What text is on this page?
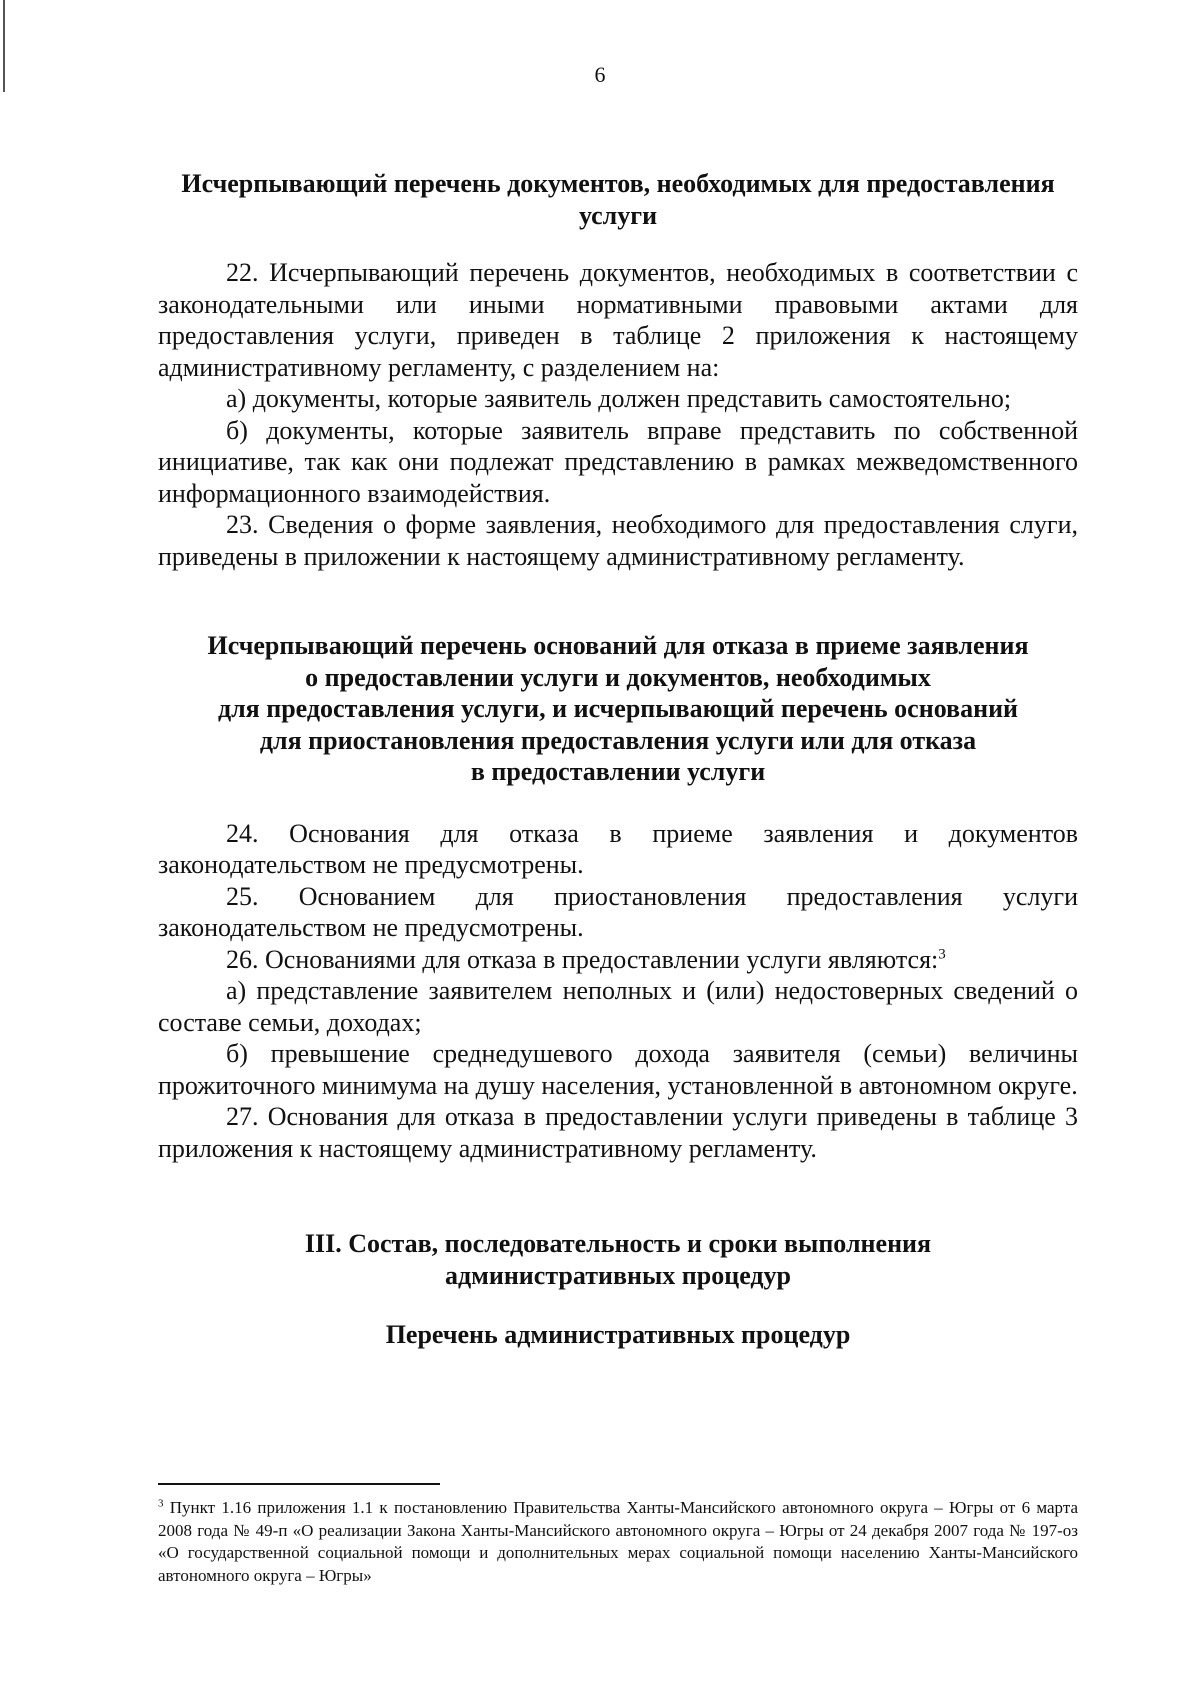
6

Исчерпывающий перечень документов, необходимых для предоставления услуги

22. Исчерпывающий перечень документов, необходимых в соответствии с законодательными или иными нормативными правовыми актами для предоставления услуги, приведен в таблице 2 приложения к настоящему административному регламенту, с разделением на:

а) документы, которые заявитель должен представить самостоятельно;

б) документы, которые заявитель вправе представить по собственной инициативе, так как они подлежат представлению в рамках межведомственного информационного взаимодействия.

23. Сведения о форме заявления, необходимого для предоставления слуги, приведены в приложении к настоящему административному регламенту.

Исчерпывающий перечень оснований для отказа в приеме заявления
о предоставлении услуги и документов, необходимых
для предоставления услуги, и исчерпывающий перечень оснований
для приостановления предоставления услуги или для отказа
в предоставлении услуги

24. Основания для отказа в приеме заявления и документов законодательством не предусмотрены.

25. Основанием для приостановления предоставления услуги законодательством не предусмотрены.

26. Основаниями для отказа в предоставлении услуги являются:$^3$

а) представление заявителем неполных и (или) недостоверных сведений о составе семьи, доходах;

б) превышение среднедушевого дохода заявителя (семьи) величины прожиточного минимума на душу населения, установленной в автономном округе.

27. Основания для отказа в предоставлении услуги приведены в таблице 3 приложения к настоящему административному регламенту.

III. Состав, последовательность и сроки выполнения
административных процедур

Перечень административных процедур

$^3$ Пункт 1.16 приложения 1.1 к постановлению Правительства Ханты-Мансийского автономного округа – Югры от 6 марта 2008 года № 49-п «О реализации Закона Ханты-Мансийского автономного округа – Югры от 24 декабря 2007 года № 197-оз «О государственной социальной помощи и дополнительных мерах социальной помощи населению Ханты-Мансийского автономного округа – Югры»
